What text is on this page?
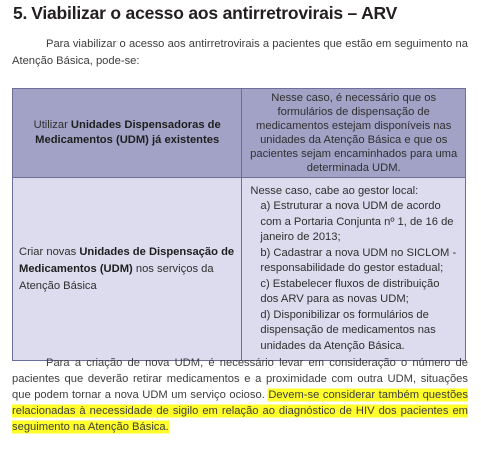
5. Viabilizar o acesso aos antirretrovirais – ARV

Para viabilizar o acesso aos antirretrovirais a pacientes que estão em seguimento na Atenção Básica, pode-se:

Utilizar Unidades Dispensadoras de Medicamentos (UDM) já existentes	Nesse caso, é necessário que os formulários de dispensação de medicamentos estejam disponíveis nas unidades da Atenção Básica e que os pacientes sejam encaminhados para uma determinada UDM.
Criar novas Unidades de Dispensação de Medicamentos (UDM) nos serviços da Atenção Básica	Nesse caso, cabe ao gestor local:
a) Estruturar a nova UDM de acordo com a Portaria Conjunta nº 1, de 16 de janeiro de 2013;
b) Cadastrar a nova UDM no SICLOM - responsabilidade do gestor estadual;
c) Estabelecer fluxos de distribuição dos ARV para as novas UDM;
d) Disponibilizar os formulários de dispensação de medicamentos nas unidades da Atenção Básica.

Para a criação de nova UDM, é necessário levar em consideração o número de pacientes que deverão retirar medicamentos e a proximidade com outra UDM, situações que podem tornar a nova UDM um serviço ocioso. Devem-se considerar também questões relacionadas à necessidade de sigilo em relação ao diagnóstico de HIV dos pacientes em seguimento na Atenção Básica.
